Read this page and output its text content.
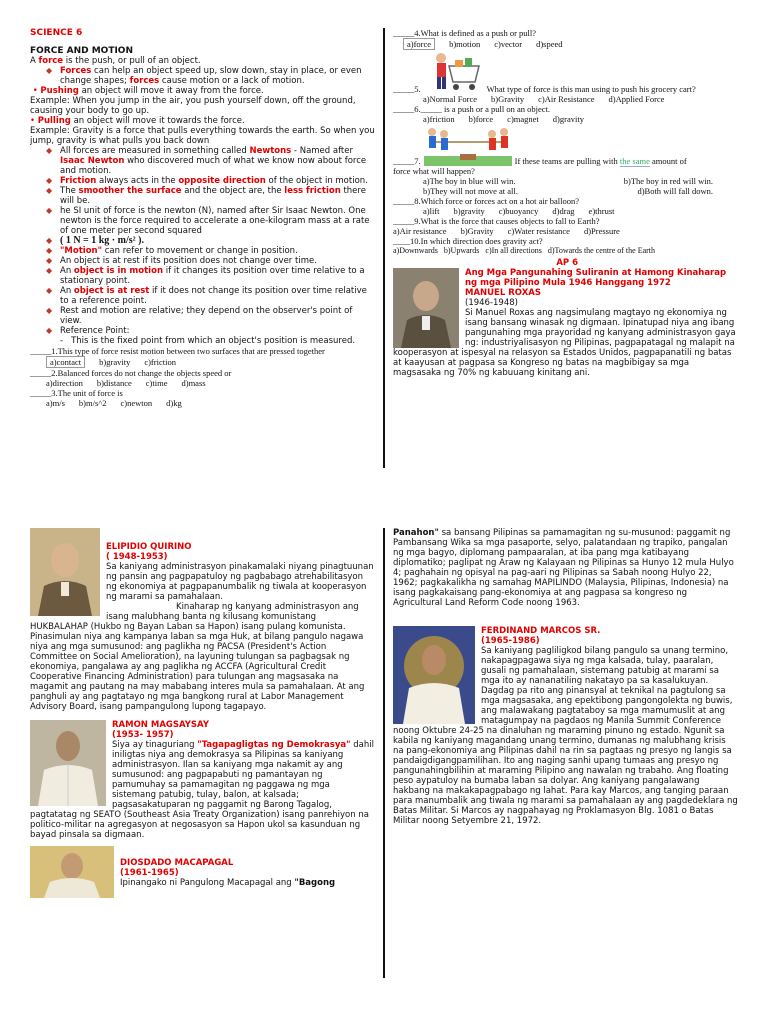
SCIENCE 6
FORCE AND MOTION
A force is the push, or pull of an object.
◆ Forces can help an object speed up, slow down, stay in place, or even change shapes; forces cause motion or a lack of motion.
• Pushing an object will move it away from the force.
Example: When you jump in the air, you push yourself down, off the ground, causing your body to go up.
• Pulling an object will move it towards the force.
Example: Gravity is a force that pulls everything towards the earth. So when you jump, gravity is what pulls you back down
◆ All forces are measured in something called Newtons - Named after Isaac Newton who discovered much of what we know now about force and motion.
◆ Friction always acts in the opposite direction of the object in motion.
◆ The smoother the surface and the object are, the less friction there will be.
◆ he SI unit of force is the newton (N), named after Sir Isaac Newton. One newton is the force required to accelerate a one-kilogram mass at a rate of one meter per second squared
◆ ( 1 N = 1 kg · m/s² ).
◆ "Motion" can refer to movement or change in position.
◆ An object is at rest if its position does not change over time.
◆ An object is in motion if it changes its position over time relative to a stationary point.
◆ An object is at rest if it does not change its position over time relative to a reference point.
◆ Rest and motion are relative; they depend on the observer's point of view.
◆ Reference Point:
- This is the fixed point from which an object's position is measured.
_____1.This type of force resist motion between two surfaces that are pressed together
a)contact b)gravity c)friction
_____2.Balanced forces do not change the objects speed or
a)direction b)distance c)time d)mass
_____3.The unit of force is
a)m/s b)m/s^2 c)newton d)kg
_____4.What is defined as a push or pull?
a)force b)motion c)vector d)speed
_____5.	What type of force is this man using to push his grocery cart?
a)Normal Force b)Gravity c)Air Resistance d)Applied Force
_____6._____ is a push or a pull on an object.
a)friction b)force c)magnet d)gravity
_____7.	If these teams are pulling with the same amount of
force what will happen?
a)The boy in blue will win.	b)The boy in red will win.
b)They will not move at all.	d)Both will fall down.
_____8.Which force or forces act on a hot air balloon?
a)lift b)gravity c)buoyancy d)drag e)thrust
_____9.What is the force that causes objects to fall to Earth?
a)Air resistance b)Gravity c)Water resistance d)Pressure
____10.In which direction does gravity act?
a)Downwards b)Upwards c)In all directions d)Towards the centre of the Earth
AP 6
Ang Mga Pangunahing Suliranin at Hamong Kinaharap ng mga Pilipino Mula 1946 Hanggang 1972
MANUEL ROXAS
(1946-1948)
Si Manuel Roxas ang nagsimulang magtayo ng ekonomiya ng isang bansang winasak ng digmaan. Ipinatupad niya ang ibang pangunahing mga prayoridad ng kanyang administrasyon gaya ng: industriyalisasyon ng Pilipinas, pagpapatagal ng malapit na kooperasyon at ispesyal na relasyon sa Estados Unidos, pagpapanatili ng batas at kaayusan at pagpasa sa Kongreso ng batas na magbibigay sa mga magsasaka ng 70% ng kabuuang kinitang ani.
ELIPIDIO QUIRINO
( 1948-1953)
Sa kaniyang administrasyon pinakamalaki niyang pinagtuunan ng pansin ang pagpapatuloy ng pagbabago atrehabilitasyon ng ekonomiya at pagpapanumbalik ng tiwala at kooperasyon ng marami sa pamahalaan.
Kinaharap ng kanyang administrasyon ang isang malubhang banta ng kilusang komunistang HUKBALAHAP (Hukbo ng Bayan Laban sa Hapon) isang pulang komunista. Pinasimulan niya ang kampanya laban sa mga Huk, at bilang pangulo nagawa niya ang mga sumusunod: ang paglikha ng PACSA (President's Action Committee on Social Amelioration), na layuning tulungan sa pagbagsak ng ekonomiya, pangalawa ay ang paglikha ng ACCFA (Agricultural Credit Cooperative Financing Administration) para tulungan ang magsasaka na magamit ang pautang na may mababang interes mula sa pamahalaan. At ang panghuli ay ang pagtatayo ng mga bangkong rural at Labor Management Advisory Board, isang pampangulong lupong tagapayo.
RAMON MAGSAYSAY
(1953- 1957)
Siya ay tinaguriang "Tagapagligtas ng Demokrasya" dahil iniligtas niya ang demokrasya sa Pilipinas sa kaniyang administrasyon. Ilan sa kaniyang mga nakamit ay ang sumusunod: ang pagpapabuti ng pamantayan ng pamumuhay sa pamamagitan ng paggawa ng mga sistemang patubig, tulay, balon, at kalsada; pagsasakatuparan ng paggamit ng Barong Tagalog, pagtatatag ng SEATO (Southeast Asia Treaty Organization) isang panrehiyon na politico-militar na agregasyon at negosasyon sa Hapon ukol sa kasunduan ng bayad pinsala sa digmaan.
DIOSDADO MACAPAGAL
(1961-1965)
Ipinangako ni Pangulong Macapagal ang "Bagong
Panahon" sa bansang Pilipinas sa pamamagitan ng su-musunod: paggamit ng Pambansang Wika sa mga pasaporte, selyo, palatandaan ng trapiko, pangalan ng mga bagyo, diplomang pampaaralan, at iba pang mga katibayang diplomatiko; paglipat ng Araw ng Kalayaan ng Pilipinas sa Hunyo 12 mula Hulyo 4; paghahain ng opisyal na pag-aari ng Pilipinas sa Sabah noong Hulyo 22, 1962; pagkakalikha ng samahag MAPILINDO (Malaysia, Pilipinas, Indonesia) na isang pagkakaisang pang-ekonomiya at ang pagpasa sa kongreso ng Agricultural Land Reform Code noong 1963.
FERDINAND MARCOS SR.
(1965-1986)
Sa kaniyang pagliligkod bilang pangulo sa unang termino, nakapagpagawa siya ng mga kalsada, tulay, paaralan, gusali ng pamahalaan, sistemang patubig at marami sa mga ito ay nananatiling nakatayo pa sa kasalukuyan. Dagdag pa rito ang pinansyal at teknikal na pagtulong sa mga magsasaka, ang epektibong pangongolekta ng buwis, ang malawakang pagtataboy sa mga mamumuslit at ang matagumpay na pagdaos ng Manila Summit Conference noong Oktubre 24-25 na dinaluhan ng maraming pinuno ng estado. Ngunit sa kabila ng kaniyang magandang unang termino, dumanas ng malubhang krisis na pang-ekonomiya ang Pilipinas dahil na rin sa pagtaas ng presyo ng langis sa pandaigdigangpamilihan. Ito ang naging sanhi upang tumaas ang presyo ng pangunahingbilihin at maraming Pilipino ang nawalan ng trabaho. Ang floating peso aypatuloy na bumaba laban sa dolyar. Ang kaniyang pangalawang hakbang na makakapagpabago ng lahat. Para kay Marcos, ang tanging paraan para manumbalik ang tiwala ng marami sa pamahalaan ay ang pagdedeklara ng Batas Militar. Si Marcos ay nagpahayag ng Proklamasyon Blg. 1081 o Batas Militar noong Setyembre 21, 1972.
